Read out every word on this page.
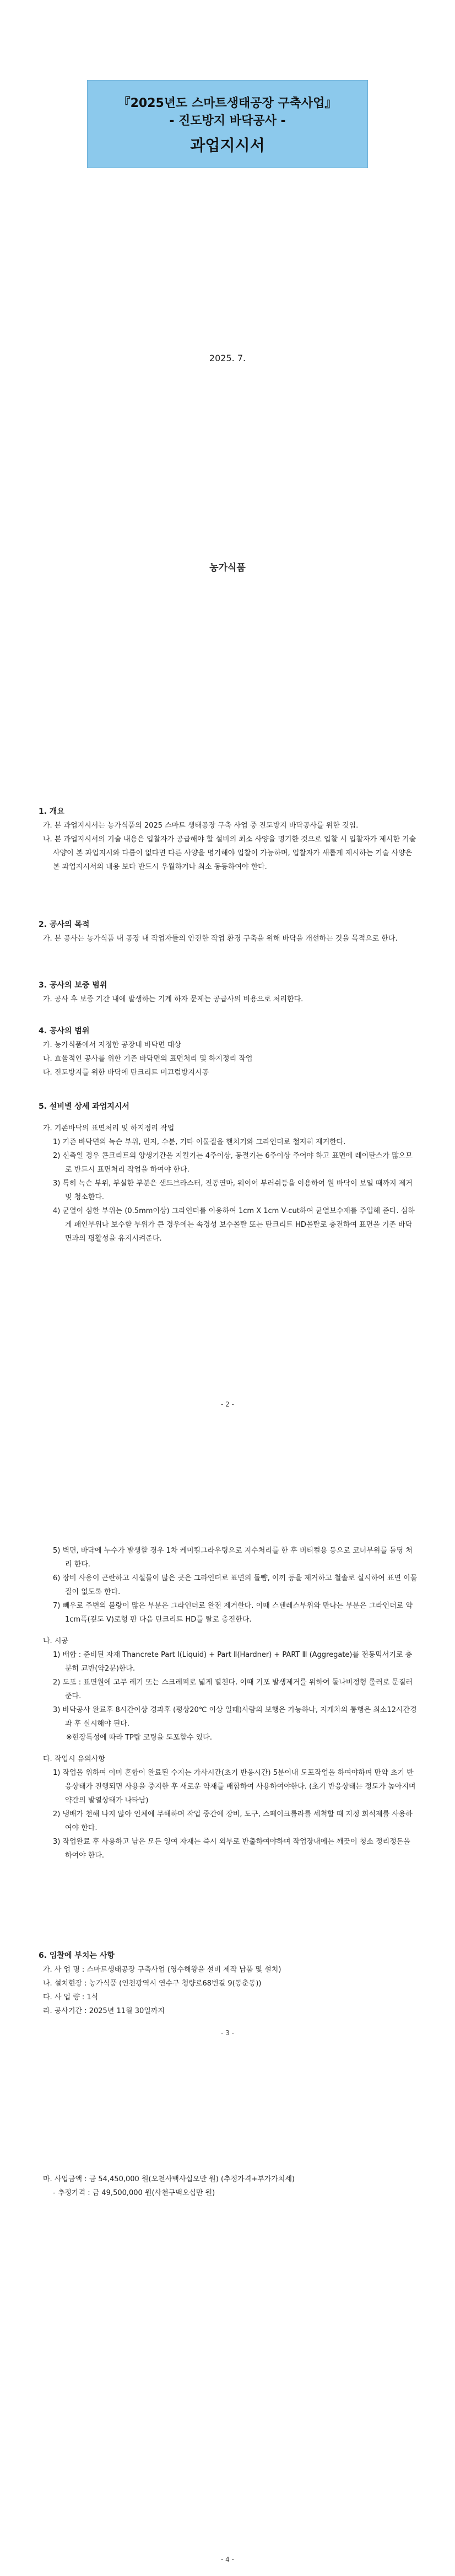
『2025년도 스마트생태공장 구축사업』
- 진도방지 바닥공사 -
과업지시서
2025. 7.
농가식품
1. 개요
가. 본 과업지시서는 농가식품의 2025 스마트 생태공장 구축 사업 중 진도방지 바닥공사를 위한 것임.
나. 본 과업지시서의 기술 내용은 입찰자가 공급해야 할 설비의 최소 사양을 명기한 것으로 입찰 시 입찰자가 제시한 기술 사양이 본 과업지시와 다름이 없다면 다른 사양을 명기해야 입찰이 가능하며, 입찰자가 새롭게 제시하는 기술 사양은 본 과업지시서의 내용 보다 반드시 우월하거나 최소 동등하여야 한다.
2. 공사의 목적
가. 본 공사는 농가식품 내 공장 내 작업자들의 안전한 작업 환경 구축을 위해 바닥을 개선하는 것을 목적으로 한다.
3. 공사의 보증 범위
가. 공사 후 보증 기간 내에 발생하는 기계 하자 문제는 공급사의 비용으로 처리한다.
4. 공사의 범위
가. 농가식품에서 지정한 공장내 바닥면 대상
나. 효율적인 공사를 위한 기존 바닥면의 표면처리 및 하지정리 작업
다. 진도방지를 위한 바닥에 탄크리트 미끄럼방지시공
5. 설비별 상세 과업지시서
가. 기존바닥의 표면처리 및 하지정리 작업
1) 기존 바닥면의 녹슨 부위, 먼지, 수분, 기타 이물질을 핸치기와 그라인더로 철저히 제거한다.
2) 신축일 경우 콘크리트의 양생기간을 지킬기는 4주이상, 동절기는 6주이상 주어야 하고 표면에 레이탄스가 많으므로 반드시 표면처리 작업을 하여야 한다.
3) 특히 녹슨 부위, 부실한 부분은 샌드브라스터, 진동연마, 워이어 부러쉬등을 이용하여 원 바닥이 보일 때까지 제거 및 청소한다.
4) 균열이 심한 부위는 (0.5mm이상) 그라인더를 이용하여 1cm X 1cm V-cut하여 균열보수재를 주입해 준다. 심하게 패인부위나 보수할 부위가 큰 경우에는 속경성 보수몰탈 또는 탄크리트 HD몰탈로 충전하여 표면을 기존 바닥 면과의 평활성을 유지시켜준다.
- 2 -
5) 벽면, 바닥에 누수가 발생할 경우 1차 케미킬그라우팅으로 지수처리를 한 후 버티컬용 등으로 코너부위를 돌딩 처리 한다.
6) 장비 사용이 곤란하고 시설물이 많은 곳은 그라인더로 표면의 돌뺨, 이끼 등을 제거하고 철솔로 실시하여 표면 이물질이 없도록 한다.
7) 빼우로 주변의 불량이 많은 부분은 그라인더로 완전 제거한다. 이때 스텐레스부위와 만나는 부분은 그라인더로 약1cm폭(깊도 V)로형 판 다음 탄크리트 HD를 탈로 충진한다.
나. 시공
1) 배합 : 준비된 자재 Thancrete Part Ⅰ(Liquid) + Part Ⅱ(Hardner) + PART Ⅲ (Aggregate)를 전동믹서기로 충분히 교반(약2분)한다.
2) 도포 : 표면원에 고무 레기 또는 스크레퍼로 넓게 펼친다. 이때 기포 발생제거를 위하여 돌나비정형 롤러로 문질러준다.
3) 바닥공사 완료후 8시간이상 경과후 (평상20℃ 이상 일때)사람의 보행은 가능하나, 지게차의 통행은 최소12시간경과 후 실시해야 된다.
※현장특성에 따라 TP탑 코팅을 도포할수 있다.
다. 작업시 유의사항
1) 작업을 위하여 이미 혼합이 완료된 수지는 가사시간(초기 반응시간) 5분이내 도포작업을 하여야하며 만약 초기 반응상태가 진행되면 사용을 중지한 후 새로운 약재를 배합하여 사용하여야한다. (초기 반응상태는 정도가 높아지며 약간의 발열상태가 나타남)
2) 냉배가 천해 나지 않아 인체에 무해하며 작업 중간에 장비, 도구, 스페이크롤라를 세척할 때 지정 희석제를 사용하여야 한다.
3) 작업완료 후 사용하고 남은 모든 잉여 자재는 즉시 외부로 반출하여야하며 작업장내에는 깨끗이 청소 정리정돈을 하여야 한다.
6. 입찰에 부치는 사항
가. 사 업 명 : 스마트생태공장 구축사업 (영수해왕을 설비 제작 납품 및 설치)
나. 설치현장 : 농가식품 (인천광역시 연수구 청량로68번길 9(동춘동))
다. 사 업 량 : 1식
라. 공사기간 : 2025년 11월 30일까지
- 3 -
마. 사업금액 : 금 54,450,000 원(오천사백사십오만 원) (추정가격+부가가치세)
- 추정가격 : 금 49,500,000 원(사천구백오십만 원)
- 4 -
